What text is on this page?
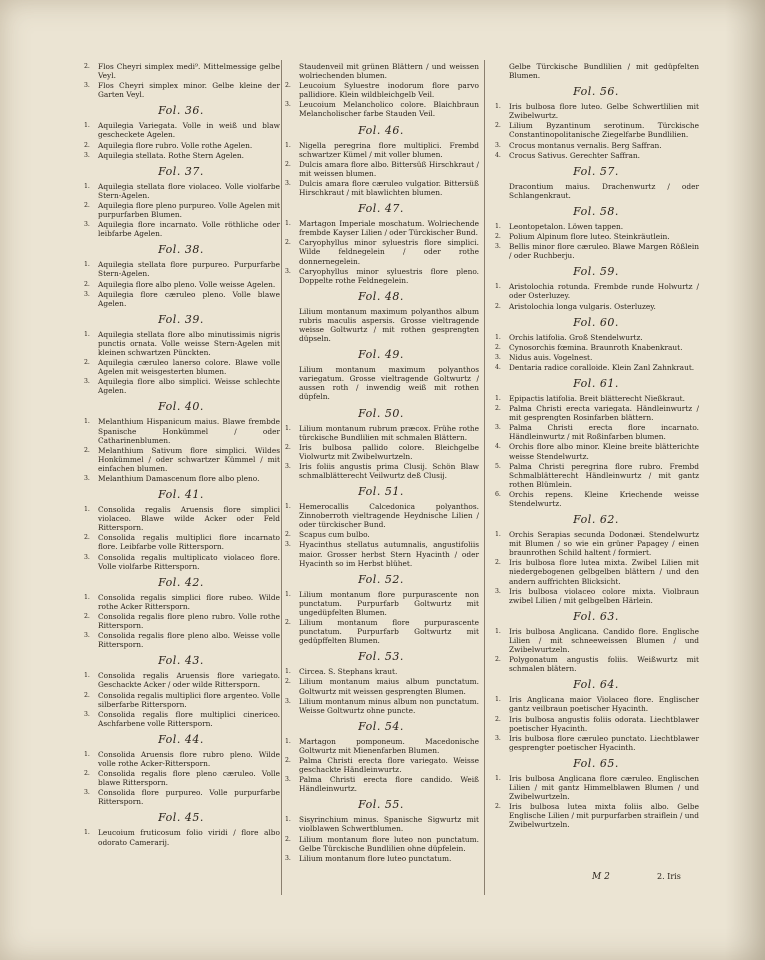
2. Flos Cheyri simplex medi⁹. Mittelmessige gelbe Veyl.
3. Flos Cheyri simplex minor. Gelbe kleine der Garten Veyl.
Fol. 36.
1. Aquilegia Variegata. Volle in weiß und blaw gescheckete Agelen.
2. Aquilegia flore rubro. Volle rothe Agelen.
3. Aquilegia stellata. Rothe Stern Agelen.
Fol. 37.
1. Aquilegia stellata flore violaceo. Volle violfarbe Stern-Agelen.
2. Aquilegia flore pleno purpureo. Volle Agelen mit purpurfarben Blumen.
3. Aquilegia flore incarnato. Volle röthliche oder leibfarbe Agelen.
Fol. 38.
1. Aquilegia stellata flore purpureo. Purpurfarbe Stern-Agelen.
2. Aquilegia flore albo pleno. Volle weisse Agelen.
3. Aquilegia flore cæruleo pleno. Volle blawe Agelen.
Fol. 39.
1. Aquilegia stellata flore albo minutissimis nigris punctis ornata. Volle weisse Stern-Agelen mit kleinen schwartzen Pünckten.
2. Aquilegia cæruleo lanerso colore. Blawe volle Agelen mit weisgesterten blumen.
3. Aquilegia flore albo simplici. Weisse schlechte Agelen.
Fol. 40.
1. Melanthium Hispanicum maius. Blawe frembde Spanische Honkümmel / oder Catharinenblumen.
2. Melanthium Sativum flore simplici. Wildes Honkümmel / oder schwartzer Kümmel / mit einfachen blumen.
3. Melanthium Damascenum flore albo pleno.
Fol. 41.
1. Consolida regalis Aruensis flore simplici violaceo. Blawe wilde Acker oder Feld Rittersporn.
2. Consolida regalis multiplici flore incarnato flore. Leibfarbe volle Rittersporn.
3. Consolida regalis multiplicato violaceo flore. Volle violfarbe Rittersporn.
Fol. 42.
1. Consolida regalis simplici flore rubeo. Wilde rothe Acker Rittersporn.
2. Consolida regalis flore pleno rubro. Volle rothe Rittersporn.
3. Consolida regalis flore pleno albo. Weisse volle Rittersporn.
Fol. 43.
1. Consolida regalis Aruensis flore variegato. Geschackte Acker / oder wilde Rittersporn.
2. Consolida regalis multiplici flore argenteo. Volle silberfarbe Rittersporn.
3. Consolida regalis flore multiplici cinericeo. Aschfarbene volle Rittersporn.
Fol. 44.
1. Consolida Aruensis flore rubro pleno. Wilde volle rothe Acker-Rittersporn.
2. Consolida regalis flore pleno cæruleo. Volle blawe Rittersporn.
3. Consolida flore purpureo. Volle purpurfarbe Rittersporn.
Fol. 45.
1. Leucoium fruticosum folio viridi / flore albo odorato Camerarij.
Staudenveil mit grünen Blättern / und weissen wolriechenden blumen.
2. Leucoium Syluestre inodorum flore parvo pallidiore. Klein wildbleichgelb Veil.
3. Leucoium Melancholico colore. Blaichbraun Melancholischer farbe Stauden Veil.
Fol. 46.
1. Nigella peregrina flore multiplici. Frembd schwartzer Kümel / mit voller blumen.
2. Dulcis amara flore albo. Bittersüß Hirschkraut / mit weissen blumen.
3. Dulcis amara flore cæruleo vulgatior. Bittersüß Hirschkraut / mit blawlichten blumen.
Fol. 47.
1. Martagon Imperiale moschatum. Wolriechende frembde Kayser Lilien / oder Türckischer Bund.
2. Caryophyllus minor syluestris flore simplici. Wilde feldnegelein / oder rothe donnernegelein.
3. Caryophyllus minor syluestris flore pleno. Doppelte rothe Feldnegelein.
Fol. 48.
Lilium montanum maximum polyanthos album rubris maculis aspersis. Grosse vieltragende weisse Goltwurtz / mit rothen gesprengten düpseln.
Fol. 49.
Lilium montanum maximum polyanthos variegatum. Grosse vieltragende Goltwurtz / aussen roth / inwendig weiß mit rothen düpfeln.
Fol. 50.
1. Lilium montanum rubrum præcox. Frühe rothe türckische Bundlilien mit schmalen Blättern.
2. Iris bulbosa pallido colore. Bleichgelbe Violwurtz mit Zwibelwurtzeln.
3. Iris foliis angustis prima Clusij. Schön Blaw schmalblätterecht Veilwurtz deß Clusij.
Fol. 51.
1. Hemerocallis Calcedonica polyanthos. Zinnoberroth vieltragende Heydnische Lilien / oder türckischer Bund.
2. Scapus cum bulbo.
3. Hyacinthus stellatus autumnalis, angustifoliis maior. Grosser herbst Stern Hyacinth / oder Hyacinth so im Herbst blühet.
Fol. 52.
1. Lilium montanum flore purpurascente non punctatum. Purpurfarb Goltwurtz mit ungedüpfelten Blumen.
2. Lilium montanum flore purpurascente punctatum. Purpurfarb Goltwurtz mit gedüpffelten Blumen.
Fol. 53.
1. Circea. S. Stephans kraut.
2. Lilium montanum maius album punctatum. Goltwurtz mit weissen gesprengten Blumen.
3. Lilium montanum minus album non punctatum. Weisse Goltwurtz ohne puncte.
Fol. 54.
1. Martagon pomponeum. Macedonische Goltwurtz mit Mienenfarben Blumen.
2. Palma Christi erecta flore variegato. Weisse geschackte Händleinwurtz.
3. Palma Christi erecta flore candido. Weiß Händleinwurtz.
Fol. 55.
1. Sisyrinchium minus. Spanische Sigwurtz mit violblawen Schwertblumen.
2. Lilium montanum flore luteo non punctatum. Gelbe Türckische Bundlilien ohne düpfelein.
3. Lilium montanum flore luteo punctatum.
Gelbe Türckische Bundlilien / mit gedüpfelten Blumen.
Fol. 56.
1. Iris bulbosa flore luteo. Gelbe Schwertlilien mit Zwibelwurtz.
2. Lilium Byzantinum serotinum. Türckische Constantinopolitanische Ziegelfarbe Bundlilien.
3. Crocus montanus vernalis. Berg Saffran.
4. Crocus Sativus. Gerechter Saffran.
Fol. 57.
Dracontium maius. Drachenwurtz / oder Schlangenkraut.
Fol. 58.
1. Leontopetalon. Löwen tappen.
2. Polium Alpinum flore luteo. Steinkräutlein.
3. Bellis minor flore cæruleo. Blawe Margen Rößlein / oder Ruchberju.
Fol. 59.
1. Aristolochia rotunda. Frembde runde Holwurtz / oder Osterluzey.
2. Aristolochia longa vulgaris. Osterluzey.
Fol. 60.
1. Orchis latifolia. Groß Stendelwurtz.
2. Cynosorchis fœmina. Braunroth Knabenkraut.
3. Nidus auis. Vogelnest.
4. Dentaria radice coralloide. Klein Zanl Zahnkraut.
Fol. 61.
1. Epipactis latifolia. Breit blätterecht Nießkraut.
2. Palma Christi erecta variegata. Händleinwurtz / mit gesprengten Rosinfarben blättern.
3. Palma Christi erecta flore incarnato. Händleinwurtz / mit Roßinfarben blumen.
4. Orchis flore albo minor. Kleine breite blätterichte weisse Stendelwurtz.
5. Palma Christi peregrina flore rubro. Frembd Schmalblätterecht Händleinwurtz / mit gantz rothen Blümlein.
6. Orchis repens. Kleine Kriechende weisse Stendelwurtz.
Fol. 62.
1. Orchis Serapias secunda Dodonæi. Stendelwurtz mit Blumen / so wie ein grüner Papagey / einen braunrothen Schild haltent / formiert.
2. Iris bulbosa flore lutea mixta. Zwibel Lilien mit niedergebogenen gelbgelben blättern / und den andern auffrichten Blicksicht.
3. Iris bulbosa violaceo colore mixta. Violbraun zwibel Lilien / mit gelbgelben Härlein.
Fol. 63.
1. Iris bulbosa Anglicana. Candido flore. Englische Lilien / mit schneeweissen Blumen / und Zwibelwurtzeln.
2. Polygonatum angustis foliis. Weißwurtz mit schmalen blätern.
Fol. 64.
1. Iris Anglicana maior Violaceo flore. Englischer gantz veilbraun poetischer Hyacinth.
2. Iris bulbosa angustis foliis odorata. Liechtblawer poetischer Hyacinth.
3. Iris bulbosa flore cæruleo punctato. Liechtblawer gesprengter poetischer Hyacinth.
Fol. 65.
1. Iris bulbosa Anglicana flore cæruleo. Englischen Lilien / mit gantz Himmelblawen Blumen / und Zwibelwurtzeln.
2. Iris bulbosa lutea mixta foliis albo. Gelbe Englische Lilien / mit purpurfarben straiflein / und Zwibelwurtzeln.
M 2	2. Iris
